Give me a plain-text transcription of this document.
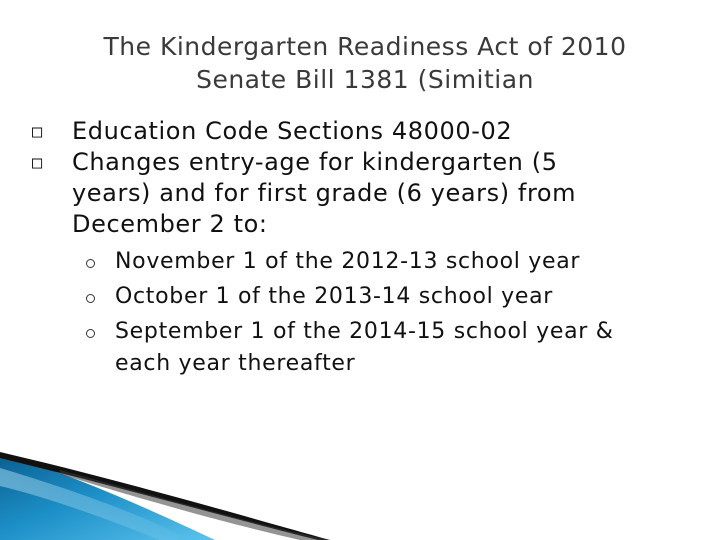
The Kindergarten Readiness Act of 2010
Senate Bill 1381 (Simitian
□	Education Code Sections 48000-02
□	Changes entry-age for kindergarten (5
years) and for first grade (6 years) from
December 2 to:
November 1 of the 2012-13 school year
October 1 of the 2013-14 school year
September 1 of the 2014-15 school year &
each year thereafter
